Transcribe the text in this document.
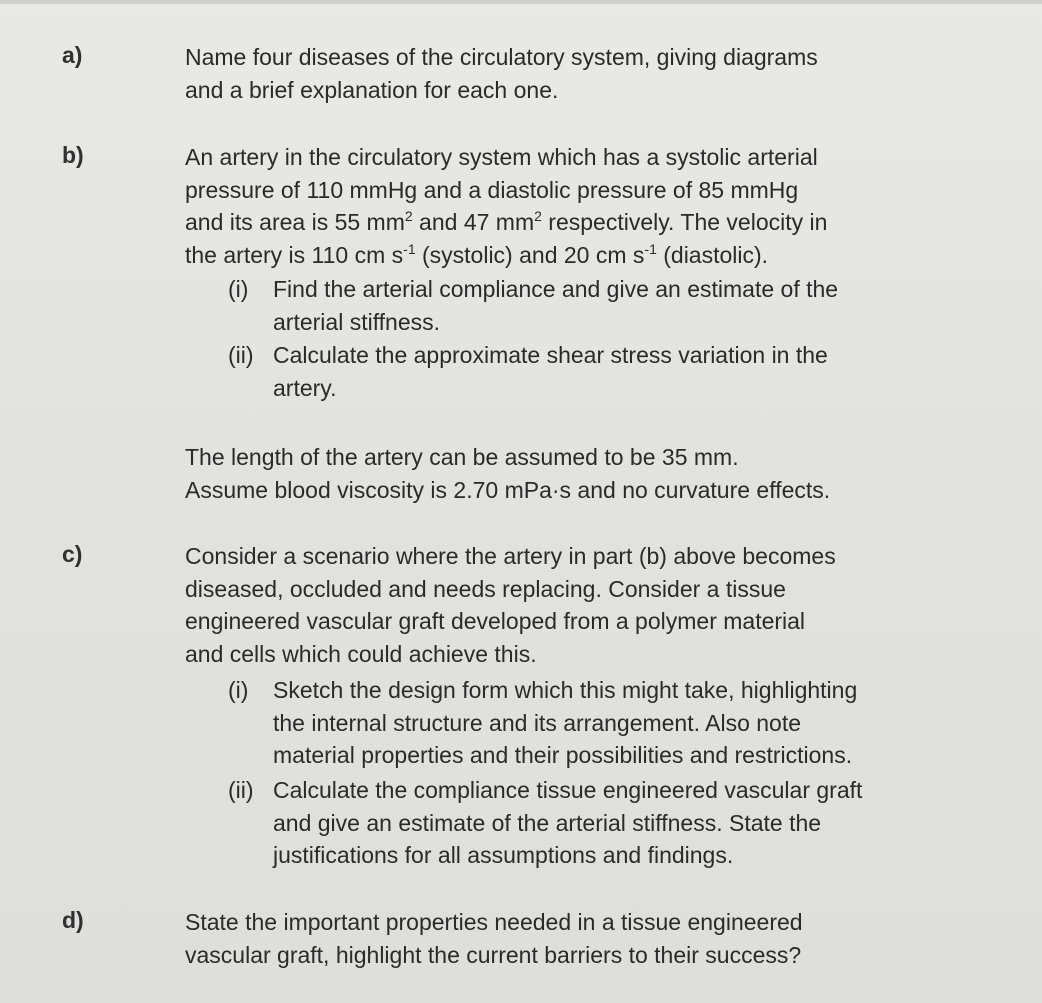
a)	Name four diseases of the circulatory system, giving diagrams
and a brief explanation for each one.
b)	An artery in the circulatory system which has a systolic arterial
pressure of 110 mmHg and a diastolic pressure of 85 mmHg
and its area is 55 $mm^2$ and 47 $mm^2$ respectively. The velocity in
the artery is 110 cm $s^{-1}$ (systolic) and 20 cm $s^{-1}$ (diastolic).
(i) Find the arterial compliance and give an estimate of the
arterial stiffness.
(ii) Calculate the approximate shear stress variation in the
artery.
The length of the artery can be assumed to be 35 mm.
Assume blood viscosity is 2.70 mPa·s and no curvature effects.
c)	Consider a scenario where the artery in part (b) above becomes
diseased, occluded and needs replacing. Consider a tissue
engineered vascular graft developed from a polymer material
and cells which could achieve this.
(i) Sketch the design form which this might take, highlighting
the internal structure and its arrangement. Also note
material properties and their possibilities and restrictions.
(ii) Calculate the compliance tissue engineered vascular graft
and give an estimate of the arterial stiffness. State the
justifications for all assumptions and findings.
d)	State the important properties needed in a tissue engineered
vascular graft, highlight the current barriers to their success?
